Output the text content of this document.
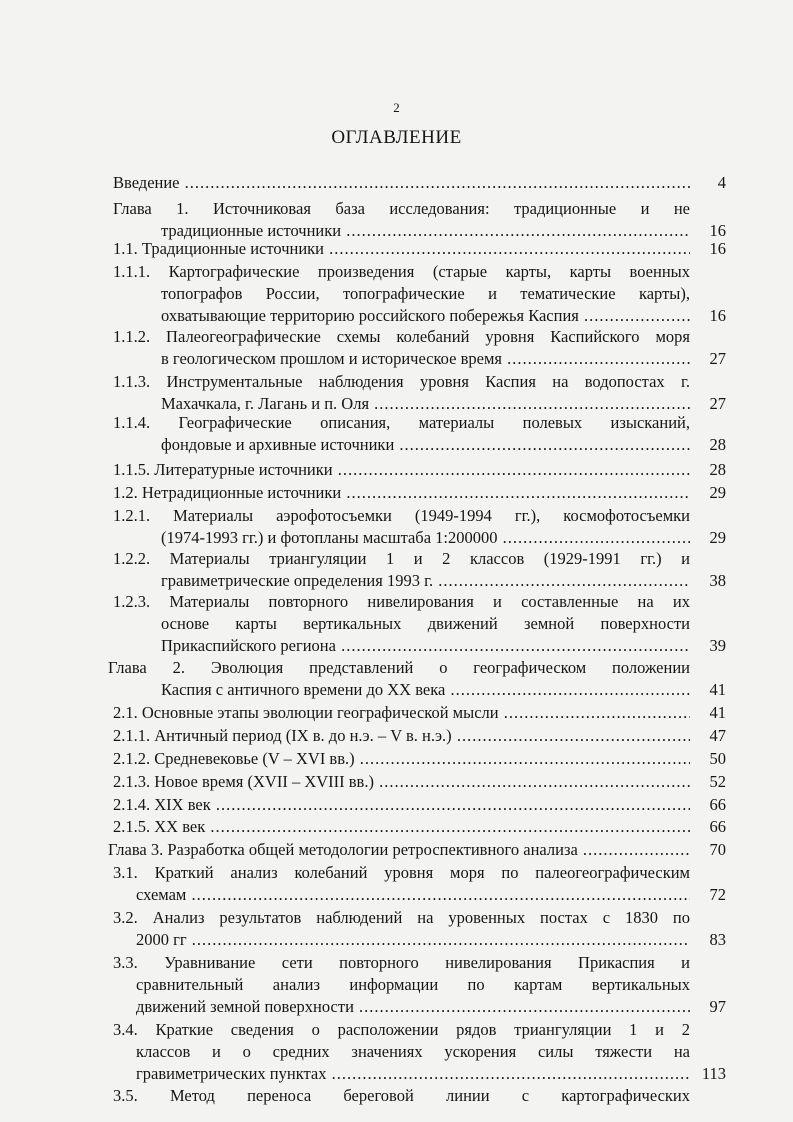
2
ОГЛАВЛЕНИЕ
Введение .....	4
Глава 1. Источниковая база исследования: традиционные и не
традиционные источники .....	16
1.1. Традиционные источники .....	16
1.1.1. Картографические произведения (старые карты, карты военных
топографов России, топографические и тематические карты),
охватывающие территорию российского побережья Каспия .....	16
1.1.2. Палеогеографические схемы колебаний уровня Каспийского моря
в геологическом прошлом и историческое время .....	27
1.1.3. Инструментальные наблюдения уровня Каспия на водопостах г.
Махачкала, г. Лагань и п. Оля .....	27
1.1.4. Географические описания, материалы полевых изысканий,
фондовые и архивные источники .....	28
1.1.5. Литературные источники .....	28
1.2. Нетрадиционные источники .....	29
1.2.1. Материалы аэрофотосъемки (1949-1994 гг.), космофотосъемки
(1974-1993 гг.) и фотопланы масштаба 1:200000 .....	29
1.2.2. Материалы триангуляции 1 и 2 классов (1929-1991 гг.) и
гравиметрические определения 1993 г. .....	38
1.2.3. Материалы повторного нивелирования и составленные на их
основе карты вертикальных движений земной поверхности
Прикаспийского региона .....	39
Глава 2. Эволюция представлений о географическом положении
Каспия с античного времени до XX века .....	41
2.1. Основные этапы эволюции географической мысли .....	41
2.1.1. Античный период (IX в. до н.э. – V в. н.э.) .....	47
2.1.2. Средневековье (V – XVI вв.) .....	50
2.1.3. Новое время (XVII – XVIII вв.) .....	52
2.1.4. XIX век .....	66
2.1.5. XX век .....	66
Глава 3. Разработка общей методологии ретроспективного анализа .....	70
3.1. Краткий анализ колебаний уровня моря по палеогеографическим
схемам .....	72
3.2. Анализ результатов наблюдений на уровенных постах с 1830 по
2000 гг .....	83
3.3. Уравнивание сети повторного нивелирования Прикаспия и
сравнительный анализ информации по картам вертикальных
движений земной поверхности .....	97
3.4. Краткие сведения о расположении рядов триангуляции 1 и 2
классов и о средних значениях ускорения силы тяжести на
гравиметрических пунктах .....	113
3.5. Метод переноса береговой линии с картографических
